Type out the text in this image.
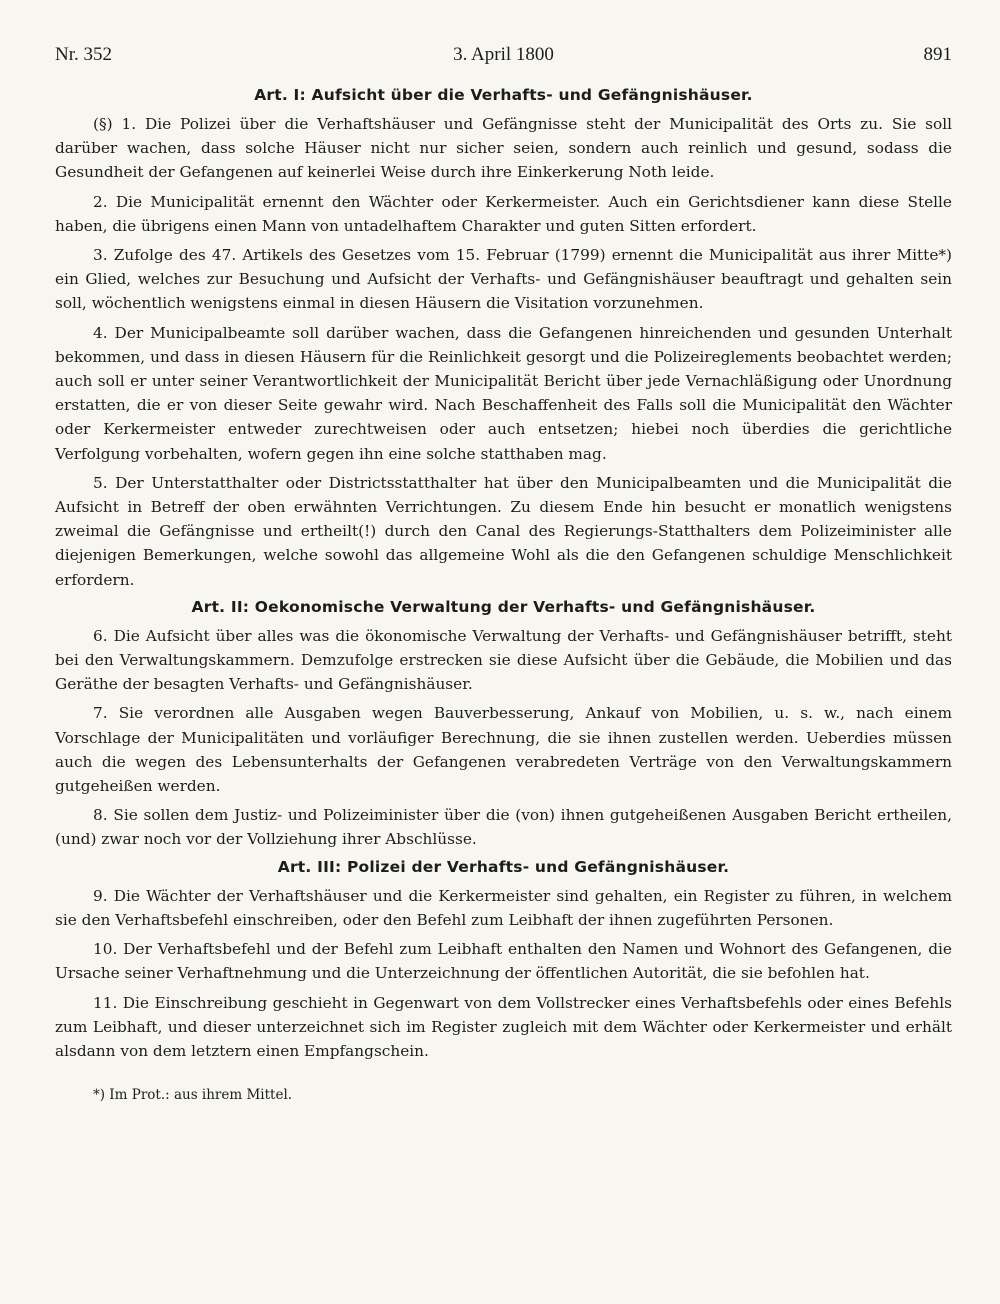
Nr. 352	3. April 1800	891
Art. I: Aufsicht über die Verhafts- und Gefängnishäuser.

(§) 1. Die Polizei über die Verhaftshäuser und Gefängnisse steht der Municipalität des Orts zu. Sie soll darüber wachen, dass solche Häuser nicht nur sicher seien, sondern auch reinlich und gesund, sodass die Gesundheit der Gefangenen auf keinerlei Weise durch ihre Einkerkerung Noth leide.

2. Die Municipalität ernennt den Wächter oder Kerkermeister. Auch ein Gerichtsdiener kann diese Stelle haben, die übrigens einen Mann von untadelhaftem Charakter und guten Sitten erfordert.

3. Zufolge des 47. Artikels des Gesetzes vom 15. Februar (1799) ernennt die Municipalität aus ihrer Mitte*) ein Glied, welches zur Besuchung und Aufsicht der Verhafts- und Gefängnishäuser beauftragt und gehalten sein soll, wöchentlich wenigstens einmal in diesen Häusern die Visitation vorzunehmen.

4. Der Municipalbeamte soll darüber wachen, dass die Gefangenen hinreichenden und gesunden Unterhalt bekommen, und dass in diesen Häusern für die Reinlichkeit gesorgt und die Polizeireglements beobachtet werden; auch soll er unter seiner Verantwortlichkeit der Municipalität Bericht über jede Vernachläßigung oder Unordnung erstatten, die er von dieser Seite gewahr wird. Nach Beschaffenheit des Falls soll die Municipalität den Wächter oder Kerkermeister entweder zurechtweisen oder auch entsetzen; hiebei noch überdies die gerichtliche Verfolgung vorbehalten, wofern gegen ihn eine solche statthaben mag.

5. Der Unterstatthalter oder Districtsstatthalter hat über den Municipalbeamten und die Municipalität die Aufsicht in Betreff der oben erwähnten Verrichtungen. Zu diesem Ende hin besucht er monatlich wenigstens zweimal die Gefängnisse und ertheilt(!) durch den Canal des Regierungs-Statthalters dem Polizeiminister alle diejenigen Bemerkungen, welche sowohl das allgemeine Wohl als die den Gefangenen schuldige Menschlichkeit erfordern.

Art. II: Oekonomische Verwaltung der Verhafts- und Gefängnishäuser.

6. Die Aufsicht über alles was die ökonomische Verwaltung der Verhafts- und Gefängnishäuser betrifft, steht bei den Verwaltungskammern. Demzufolge erstrecken sie diese Aufsicht über die Gebäude, die Mobilien und das Geräthe der besagten Verhafts- und Gefängnishäuser.

7. Sie verordnen alle Ausgaben wegen Bauverbesserung, Ankauf von Mobilien, u. s. w., nach einem Vorschlage der Municipalitäten und vorläufiger Berechnung, die sie ihnen zustellen werden. Ueberdies müssen auch die wegen des Lebensunterhalts der Gefangenen verabredeten Verträge von den Verwaltungskammern gutgeheißen werden.

8. Sie sollen dem Justiz- und Polizeiminister über die (von) ihnen gutgeheißenen Ausgaben Bericht ertheilen, (und) zwar noch vor der Vollziehung ihrer Abschlüsse.

Art. III: Polizei der Verhafts- und Gefängnishäuser.

9. Die Wächter der Verhaftshäuser und die Kerkermeister sind gehalten, ein Register zu führen, in welchem sie den Verhaftsbefehl einschreiben, oder den Befehl zum Leibhaft der ihnen zugeführten Personen.

10. Der Verhaftsbefehl und der Befehl zum Leibhaft enthalten den Namen und Wohnort des Gefangenen, die Ursache seiner Verhaftnehmung und die Unterzeichnung der öffentlichen Autorität, die sie befohlen hat.

11. Die Einschreibung geschieht in Gegenwart von dem Vollstrecker eines Verhaftsbefehls oder eines Befehls zum Leibhaft, und dieser unterzeichnet sich im Register zugleich mit dem Wächter oder Kerkermeister und erhält alsdann von dem letztern einen Empfangschein.

*) Im Prot.: aus ihrem Mittel.
